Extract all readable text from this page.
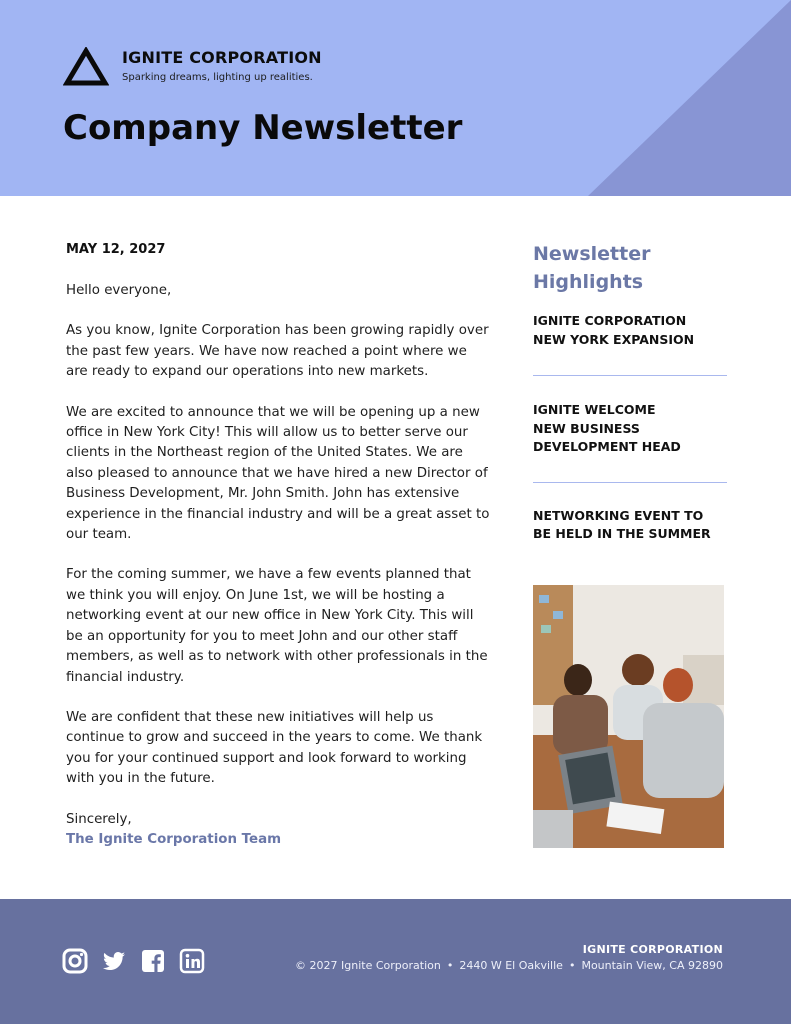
IGNITE CORPORATION
Sparking dreams, lighting up realities.
Company Newsletter

MAY 12, 2027

Hello everyone,

As you know, Ignite Corporation has been growing rapidly over the past few years. We have now reached a point where we are ready to expand our operations into new markets.

We are excited to announce that we will be opening up a new office in New York City! This will allow us to better serve our clients in the Northeast region of the United States. We are also pleased to announce that we have hired a new Director of Business Development, Mr. John Smith. John has extensive experience in the financial industry and will be a great asset to our team.

For the coming summer, we have a few events planned that we think you will enjoy. On June 1st, we will be hosting a networking event at our new office in New York City. This will be an opportunity for you to meet John and our other staff members, as well as to network with other professionals in the financial industry.

We are confident that these new initiatives will help us continue to grow and succeed in the years to come. We thank you for your continued support and look forward to working with you in the future.

Sincerely,

The Ignite Corporation Team

Newsletter Highlights
IGNITE CORPORATION
NEW YORK EXPANSION
IGNITE WELCOME
NEW BUSINESS
DEVELOPMENT HEAD
NETWORKING EVENT TO
BE HELD IN THE SUMMER
IGNITE CORPORATION
© 2027 Ignite Corporation • 2440 W El Oakville • Mountain View, CA 92890
